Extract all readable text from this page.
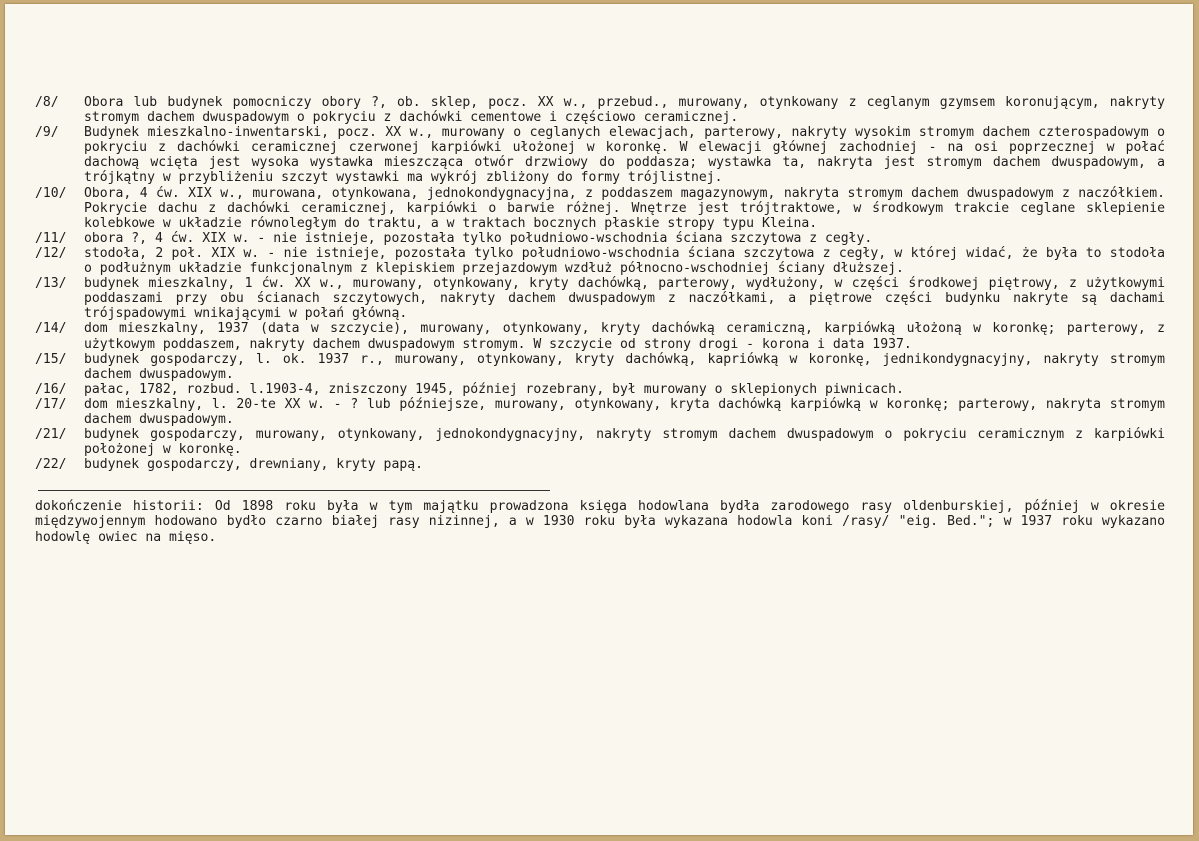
/8/	Obora lub budynek pomocniczy obory ?, ob. sklep, pocz. XX w., przebud., murowany, otynkowany z ceglanym gzymsem koronującym, nakryty stromym dachem dwuspadowym o pokryciu z dachówki cementowe i częściowo ceramicznej.
/9/	Budynek mieszkalno-inwentarski, pocz. XX w., murowany o ceglanych elewacjach, parterowy, nakryty wysokim stromym dachem czterospadowym o pokryciu z dachówki ceramicznej czerwonej karpiówki ułożonej w koronkę. W elewacji głównej zachodniej - na osi poprzecznej w połać dachową wcięta jest wysoka wystawka mieszcząca otwór drzwiowy do poddasza; wystawka ta, nakryta jest stromym dachem dwuspadowym, a trójkątny w przybliżeniu szczyt wystawki ma wykrój zbliżony do formy trójlistnej.
/10/	Obora, 4 ćw. XIX w., murowana, otynkowana, jednokondygnacyjna, z poddaszem magazynowym, nakryta stromym dachem dwuspadowym z naczółkiem. Pokrycie dachu z dachówki ceramicznej, karpiówki o barwie różnej. Wnętrze jest trójtraktowe, w środkowym trakcie ceglane sklepienie kolebkowe w układzie równoległym do traktu, a w traktach bocznych płaskie stropy typu Kleina.
/11/	obora ?, 4 ćw. XIX w. - nie istnieje, pozostała tylko południowo-wschodnia ściana szczytowa z cegły.
/12/	stodoła, 2 poł. XIX w. - nie istnieje, pozostała tylko południowo-wschodnia ściana szczytowa z cegły, w której widać, że była to stodoła o podłużnym układzie funkcjonalnym z klepiskiem przejazdowym wzdłuż północno-wschodniej ściany dłuższej.
/13/	budynek mieszkalny, 1 ćw. XX w., murowany, otynkowany, kryty dachówką, parterowy, wydłużony, w części środkowej piętrowy, z użytkowymi poddaszami przy obu ścianach szczytowych, nakryty dachem dwuspadowym z naczółkami, a piętrowe części budynku nakryte są dachami trójspadowymi wnikającymi w połań główną.
/14/	dom mieszkalny, 1937 (data w szczycie), murowany, otynkowany, kryty dachówką ceramiczną, karpiówką ułożoną w koronkę; parterowy, z użytkowym poddaszem, nakryty dachem dwuspadowym stromym. W szczycie od strony drogi - korona i data 1937.
/15/	budynek gospodarczy, l. ok. 1937 r., murowany, otynkowany, kryty dachówką, kapriówką w koronkę, jednikondygnacyjny, nakryty stromym dachem dwuspadowym.
/16/	pałac, 1782, rozbud. l.1903-4, zniszczony 1945, później rozebrany, był murowany o sklepionych piwnicach.
/17/	dom mieszkalny, l. 20-te XX w. - ? lub późniejsze, murowany, otynkowany, kryta dachówką karpiówką w koronkę; parterowy, nakryta stromym dachem dwuspadowym.
/21/	budynek gospodarczy, murowany, otynkowany, jednokondygnacyjny, nakryty stromym dachem dwuspadowym o pokryciu ceramicznym z karpiówki położonej w koronkę.
/22/	budynek gospodarczy, drewniany, kryty papą.
dokończenie historii: Od 1898 roku była w tym majątku prowadzona księga hodowlana bydła zarodowego rasy oldenburskiej, później w okresie międzywojennym hodowano bydło czarno białej rasy nizinnej, a w 1930 roku była wykazana hodowla koni /rasy/ "eig. Bed."; w 1937 roku wykazano hodowlę owiec na mięso.
